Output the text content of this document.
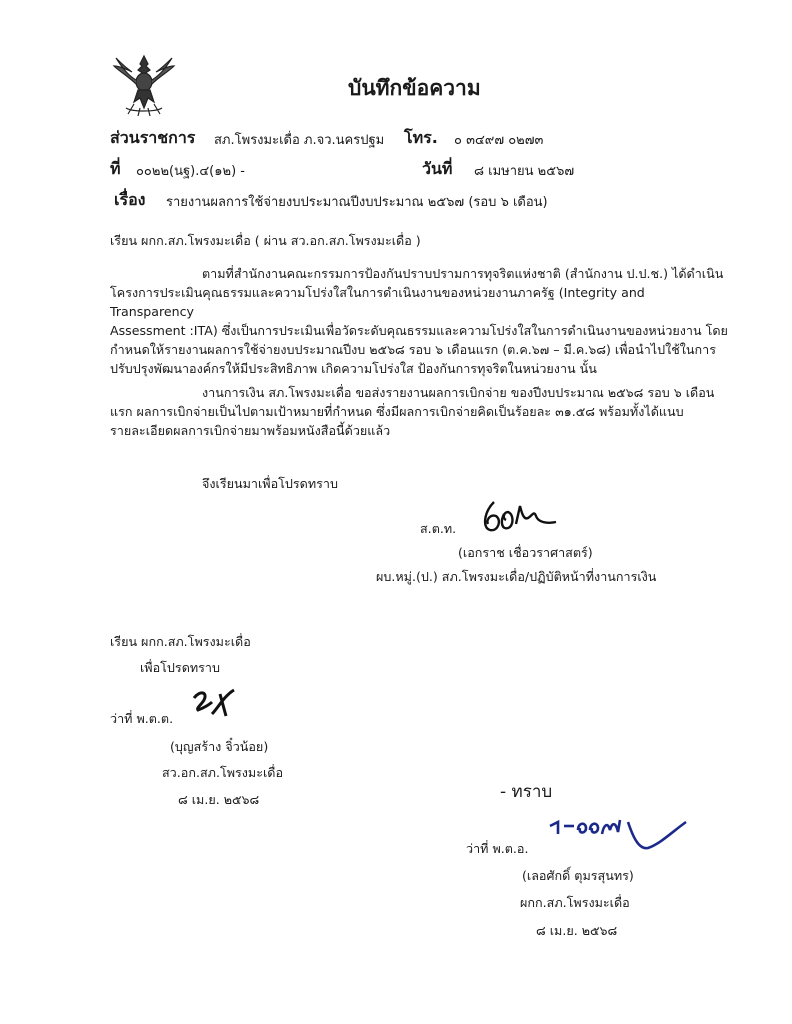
บันทึกข้อความ
ส่วนราชการ สภ.โพรงมะเดื่อ ภ.จว.นครปฐม โทร. ๐ ๓๔๙๗ ๐๒๗๓
ที่ ๐๐๒๒(นฐ).๔(๑๒) -	วันที่ ๘ เมษายน ๒๕๖๗
เรื่อง รายงานผลการใช้จ่ายงบประมาณปีงบประมาณ ๒๕๖๗ (รอบ ๖ เดือน)
เรียน ผกก.สภ.โพรงมะเดื่อ ( ผ่าน สว.อก.สภ.โพรงมะเดื่อ )
ตามที่สำนักงานคณะกรรมการป้องกันปราบปรามการทุจริตแห่งชาติ (สำนักงาน ป.ป.ช.) ได้ดำเนิน
โครงการประเมินคุณธรรมและความโปร่งใสในการดำเนินงานของหน่วยงานภาครัฐ (Integrity and Transparency
Assessment :ITA) ซึ่งเป็นการประเมินเพื่อวัดระดับคุณธรรมและความโปร่งใสในการดำเนินงานของหน่วยงาน โดย
กำหนดให้รายงานผลการใช้จ่ายงบประมาณปีงบ ๒๕๖๘ รอบ ๖ เดือนแรก (ต.ค.๖๗ – มี.ค.๖๘) เพื่อนำไปใช้ในการ
ปรับปรุงพัฒนาองค์กรให้มีประสิทธิภาพ เกิดความโปร่งใส ป้องกันการทุจริตในหน่วยงาน นั้น
งานการเงิน สภ.โพรงมะเดื่อ ขอส่งรายงานผลการเบิกจ่าย ของปีงบประมาณ ๒๕๖๘ รอบ ๖ เดือน
แรก ผลการเบิกจ่ายเป็นไปตามเป้าหมายที่กำหนด ซึ่งมีผลการเบิกจ่ายคิดเป็นร้อยละ ๓๑.๕๘ พร้อมทั้งได้แนบ
รายละเอียดผลการเบิกจ่ายมาพร้อมหนังสือนี้ด้วยแล้ว
จึงเรียนมาเพื่อโปรดทราบ
ส.ต.ท.
(เอกราช เชื่อวราศาสตร์)
ผบ.หมู่.(ป.) สภ.โพรงมะเดื่อ/ปฏิบัติหน้าที่งานการเงิน
เรียน ผกก.สภ.โพรงมะเดื่อ
เพื่อโปรดทราบ
ว่าที่ พ.ต.ต.
(บุญสร้าง จิ๋วน้อย)
สว.อก.สภ.โพรงมะเดื่อ
๘ เม.ย. ๒๕๖๘	- ทราบ
ว่าที่ พ.ต.อ.
(เลอศักดิ์ ตุมรสุนทร)
ผกก.สภ.โพรงมะเดื่อ
๘ เม.ย. ๒๕๖๘
